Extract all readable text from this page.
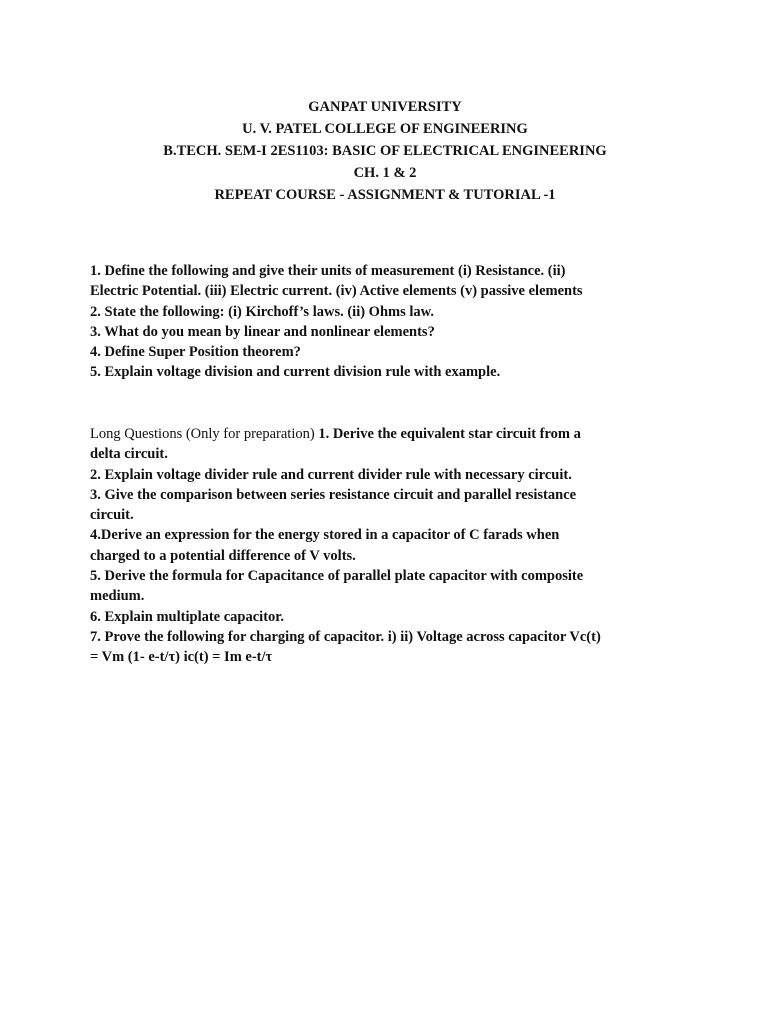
GANPAT UNIVERSITY
U. V. PATEL COLLEGE OF ENGINEERING
B.TECH. SEM-I 2ES1103: BASIC OF ELECTRICAL ENGINEERING
CH. 1 & 2
REPEAT COURSE - ASSIGNMENT & TUTORIAL -1
1. Define the following and give their units of measurement (i) Resistance. (ii)
Electric Potential. (iii) Electric current. (iv) Active elements (v) passive elements
2. State the following: (i) Kirchoff’s laws. (ii) Ohms law.
3. What do you mean by linear and nonlinear elements?
4. Define Super Position theorem?
5. Explain voltage division and current division rule with example.
Long Questions (Only for preparation) 1. Derive the equivalent star circuit from a
delta circuit.
2. Explain voltage divider rule and current divider rule with necessary circuit.
3. Give the comparison between series resistance circuit and parallel resistance
circuit.
4.Derive an expression for the energy stored in a capacitor of C farads when
charged to a potential difference of V volts.
5. Derive the formula for Capacitance of parallel plate capacitor with composite
medium.
6. Explain multiplate capacitor.
7. Prove the following for charging of capacitor. i) ii) Voltage across capacitor Vc(t)
= Vm (1- e-t/τ) ic(t) = Im e-t/τ
